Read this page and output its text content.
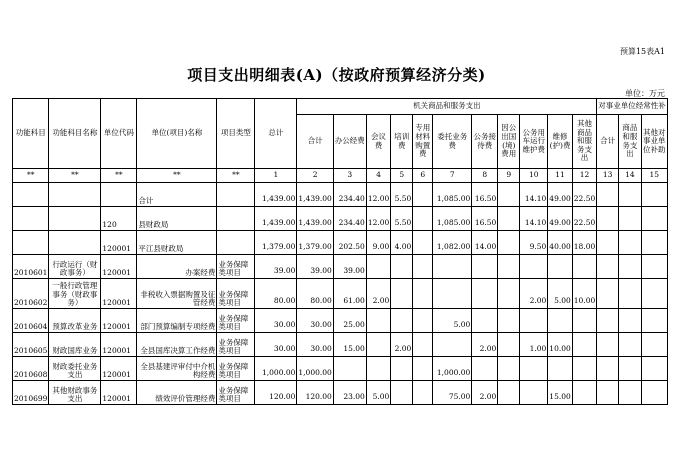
预算15表A1
项目支出明细表(A)（按政府预算经济分类)
单位：万元
功能科目	功能科目名称	单位代码	单位(项目)名称	项目类型	总计	机关商品和服务支出											对事业单位经常性补		
						合计	办公经费	会议费	培训费	专用材料购置费	委托业务费	公务接待费	因公出国(境)费用	公务用车运行维护费	维修(护)费	其他商品和服务支出	合计	商品和服务支出	其他对事业单位补助
**	**	**	**	**	1	2	3	4	5	6	7	8	9	10	11	12	13	14	15
			合计		1,439.00	1,439.00	234.40	12.00	5.50		1,085.00	16.50		14.10	49.00	22.50			
		120	县财政局		1,439.00	1,439.00	234.40	12.00	5.50		1,085.00	16.50		14.10	49.00	22.50			
		120001	平江县财政局		1,379.00	1,379.00	202.50	9.00	4.00		1,082.00	14.00		9.50	40.00	18.00			
2010601	行政运行（财政事务）	120001	办案经费	业务保障类项目	39.00	39.00	39.00												
2010602	一般行政管理事务（财政事务）	120001	非税收入票据购置及征管经费	业务保障类项目	80.00	80.00	61.00	2.00						2.00	5.00	10.00			
2010604	预算改革业务	120001	部门预算编制专项经费	业务保障类项目	30.00	30.00	25.00				5.00								
2010605	财政国库业务	120001	全县国库决算工作经费	业务保障类项目	30.00	30.00	15.00		2.00			2.00		1.00	10.00				
2010608	财政委托业务支出	120001	全县基建评审付中介机构经费	业务保障类项目	1,000.00	1,000.00					1,000.00								
2010699	其他财政事务支出	120001	绩效评价管理经费	业务保障类项目	120.00	120.00	23.00	5.00			75.00	2.00			15.00				
